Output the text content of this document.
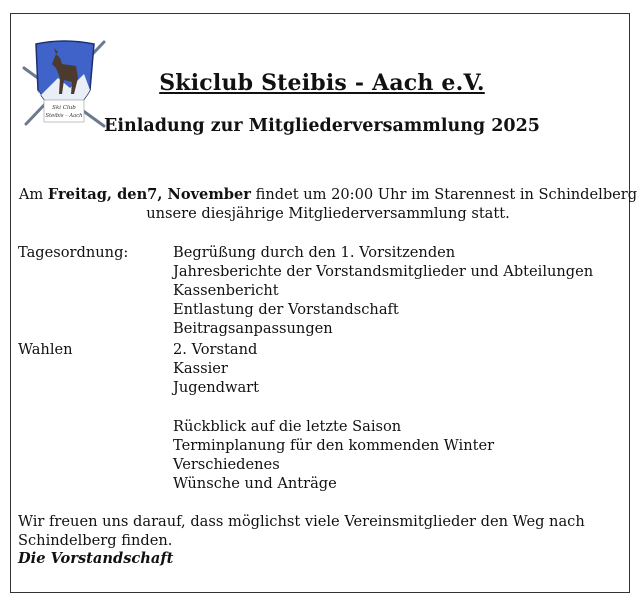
Ski Club
Steibis – Aach
Skiclub Steibis - Aach e.V.
Einladung zur Mitgliederversammlung 2025
Am Freitag, den7, November findet um 20:00 Uhr im Starennest in Schindelberg unsere diesjährige Mitgliederversammlung statt.
Tagesordnung:
Wahlen
Begrüßung durch den 1. Vorsitzenden
Jahresberichte der Vorstandsmitglieder und Abteilungen
Kassenbericht
Entlastung der Vorstandschaft
Beitragsanpassungen
2. Vorstand
Kassier
Jugendwart
Rückblick auf die letzte Saison
Terminplanung für den kommenden Winter
Verschiedenes
Wünsche und Anträge
Wir freuen uns darauf, dass möglichst viele Vereinsmitglieder den Weg nach Schindelberg finden.
Die Vorstandschaft
